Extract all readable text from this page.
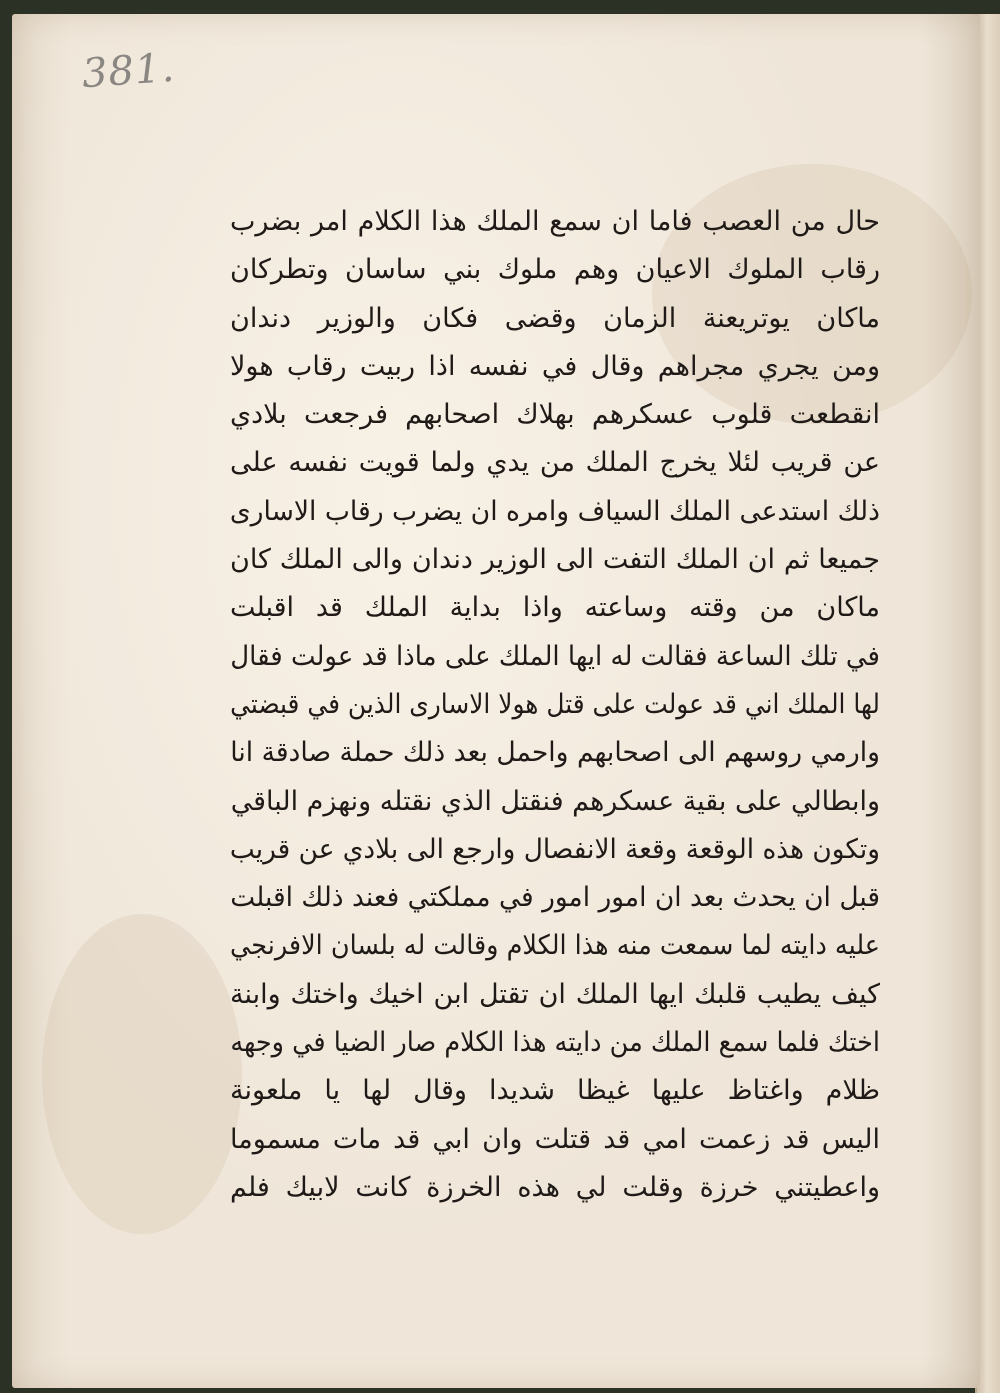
381.
حال من العصب فاما ان سمع الملك هذا الكلام امر بضرب
رقاب الملوك الاعيان وهم ملوك بني ساسان وتطركان
ماكان يوتريعنة الزمان وقضى فكان والوزير دندان
ومن يجري مجراهم وقال في نفسه اذا ربيت رقاب هولا
انقطعت قلوب عسكرهم بهلاك اصحابهم فرجعت بلادي
عن قريب لئلا يخرج الملك من يدي ولما قويت نفسه على
ذلك استدعى الملك السياف وامره ان يضرب رقاب الاسارى
جميعا ثم ان الملك التفت الى الوزير دندان والى الملك كان
ماكان من وقته وساعته واذا بداية الملك قد اقبلت
في تلك الساعة فقالت له ايها الملك على ماذا قد عولت فقال
لها الملك اني قد عولت على قتل هولا الاسارى الذين في قبضتي
وارمي روسهم الى اصحابهم واحمل بعد ذلك حملة صادقة انا
وابطالي على بقية عسكرهم فنقتل الذي نقتله ونهزم الباقي
وتكون هذه الوقعة وقعة الانفصال وارجع الى بلادي عن قريب
قبل ان يحدث بعد ان امور امور في مملكتي فعند ذلك اقبلت
عليه دايته لما سمعت منه هذا الكلام وقالت له بلسان الافرنجي
كيف يطيب قلبك ايها الملك ان تقتل ابن اخيك واختك وابنة
اختك فلما سمع الملك من دايته هذا الكلام صار الضيا في وجهه
ظلام واغتاظ عليها غيظا شديدا وقال لها يا ملعونة
اليس قد زعمت امي قد قتلت وان ابي قد مات مسموما
واعطيتني خرزة وقلت لي هذه الخرزة كانت لابيك فلم
